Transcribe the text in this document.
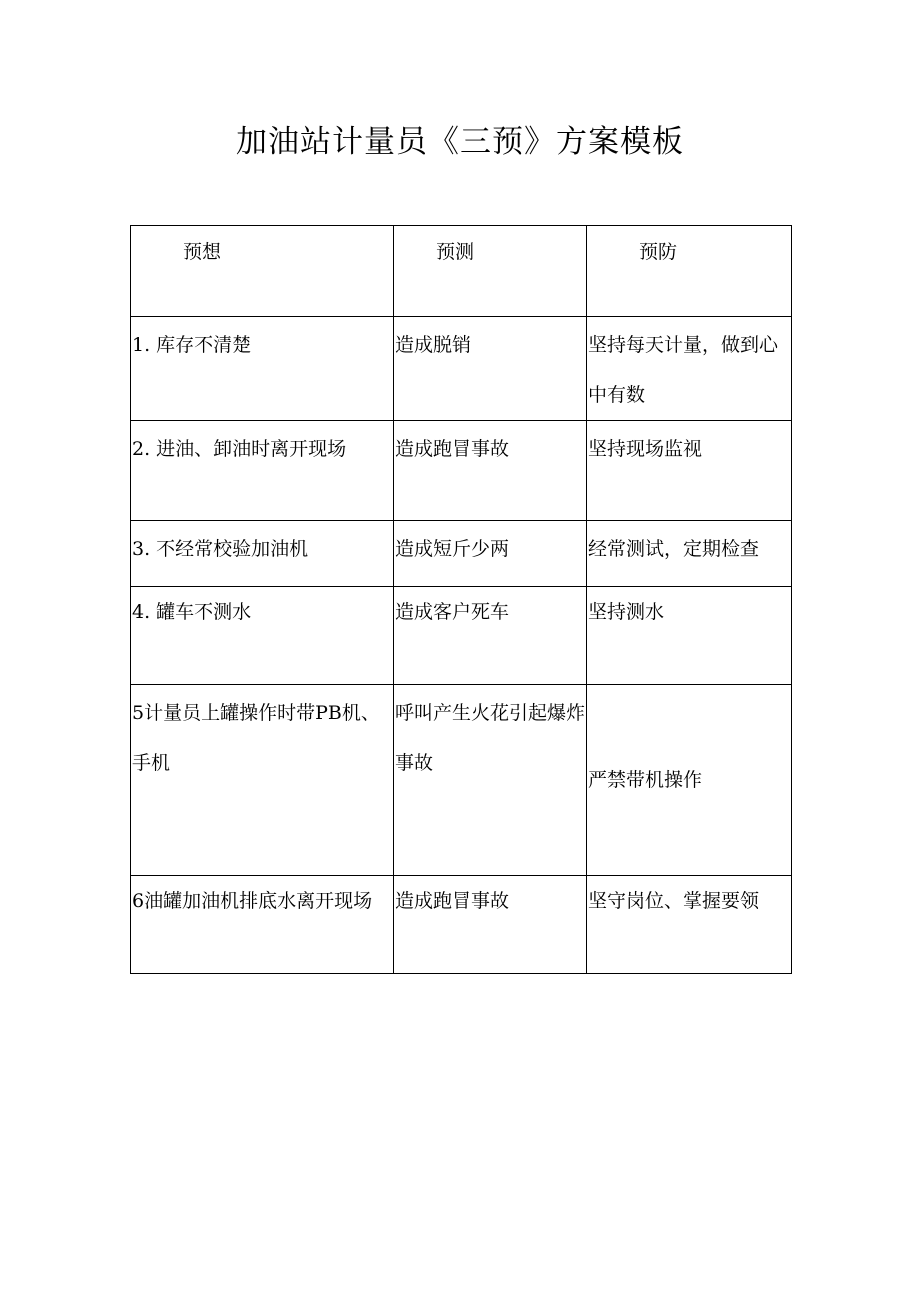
加油站计量员《三预》方案模板
预想	预测	预防
1. 库存不清楚	造成脱销	坚持每天计量，做到心中有数
2. 进油、卸油时离开现场	造成跑冒事故	坚持现场监视
3. 不经常校验加油机	造成短斤少两	经常测试，定期检查
4. 罐车不测水	造成客户死车	坚持测水
5计量员上罐操作时带PB机、手机	呼叫产生火花引起爆炸事故	严禁带机操作
6油罐加油机排底水离开现场	造成跑冒事故	坚守岗位、掌握要领
